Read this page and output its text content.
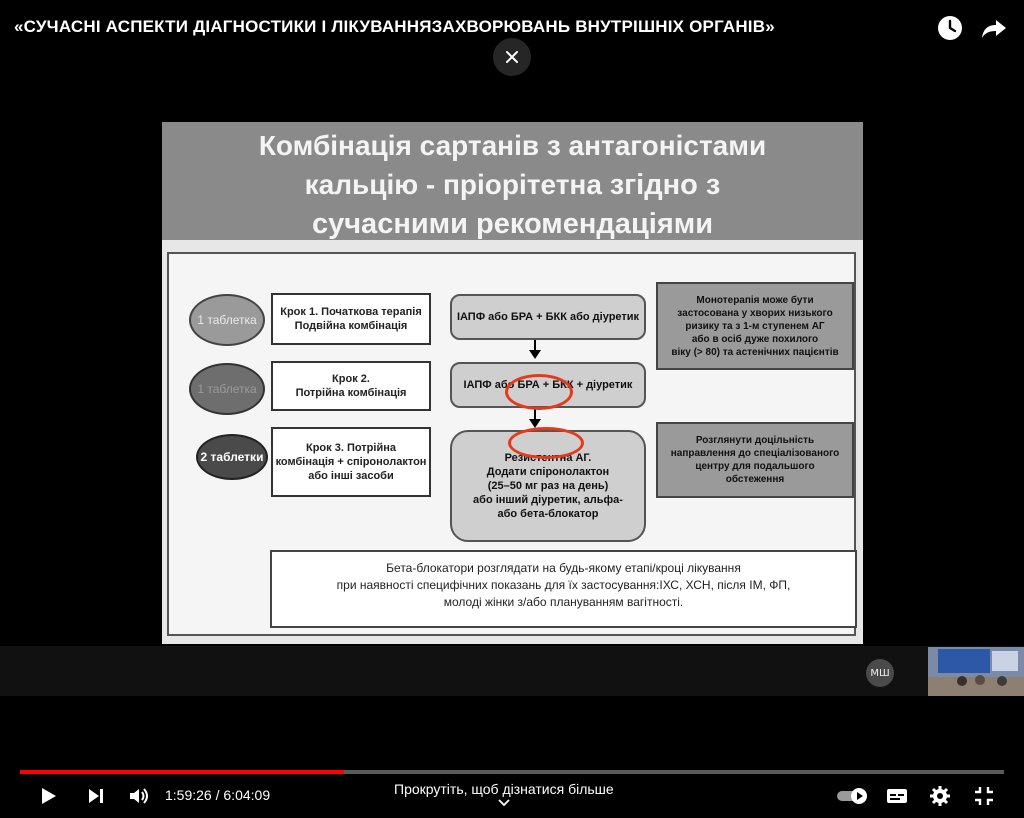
«СУЧАСНІ АСПЕКТИ ДІАГНОСТИКИ І ЛІКУВАННЯЗАХВОРЮВАНЬ ВНУТРІШНІХ ОРГАНІВ»
Комбінація сартанів з антагоністами
кальцію - пріорітетна згідно з
сучасними рекомендаціями
1 таблетка
1 таблетка
2 таблетки
Крок 1. Початкова терапія
Подвійна комбінація
Крок 2.
Потрійна комбінація
Крок 3. Потрійна
комбінація + спіронолактон
або інші засоби
ІАПФ або БРА + БКК або діуретик
ІАПФ або БРА + БКК + діуретик
Резистентна АГ.
Додати спіронолактон
(25–50 мг раз на день)
або інший діуретик, альфа-
або бета-блокатор
Монотерапія може бути
застосована у хворих низького
ризику та з 1-м ступенем АГ
або в осіб дуже похилого
віку (> 80) та астенічних пацієнтів
Розглянути доцільність
направлення до спеціалізованого
центру для подальшого
обстеження
Бета-блокатори розглядати на будь-якому етапі/кроці лікування
при наявності специфічних показань для їх застосування:ІХС, ХСН, після ІМ, ФП,
молоді жінки з/або плануванням вагітності.
МШ
1:59:26 / 6:04:09	Прокрутіть, щоб дізнатися більше
